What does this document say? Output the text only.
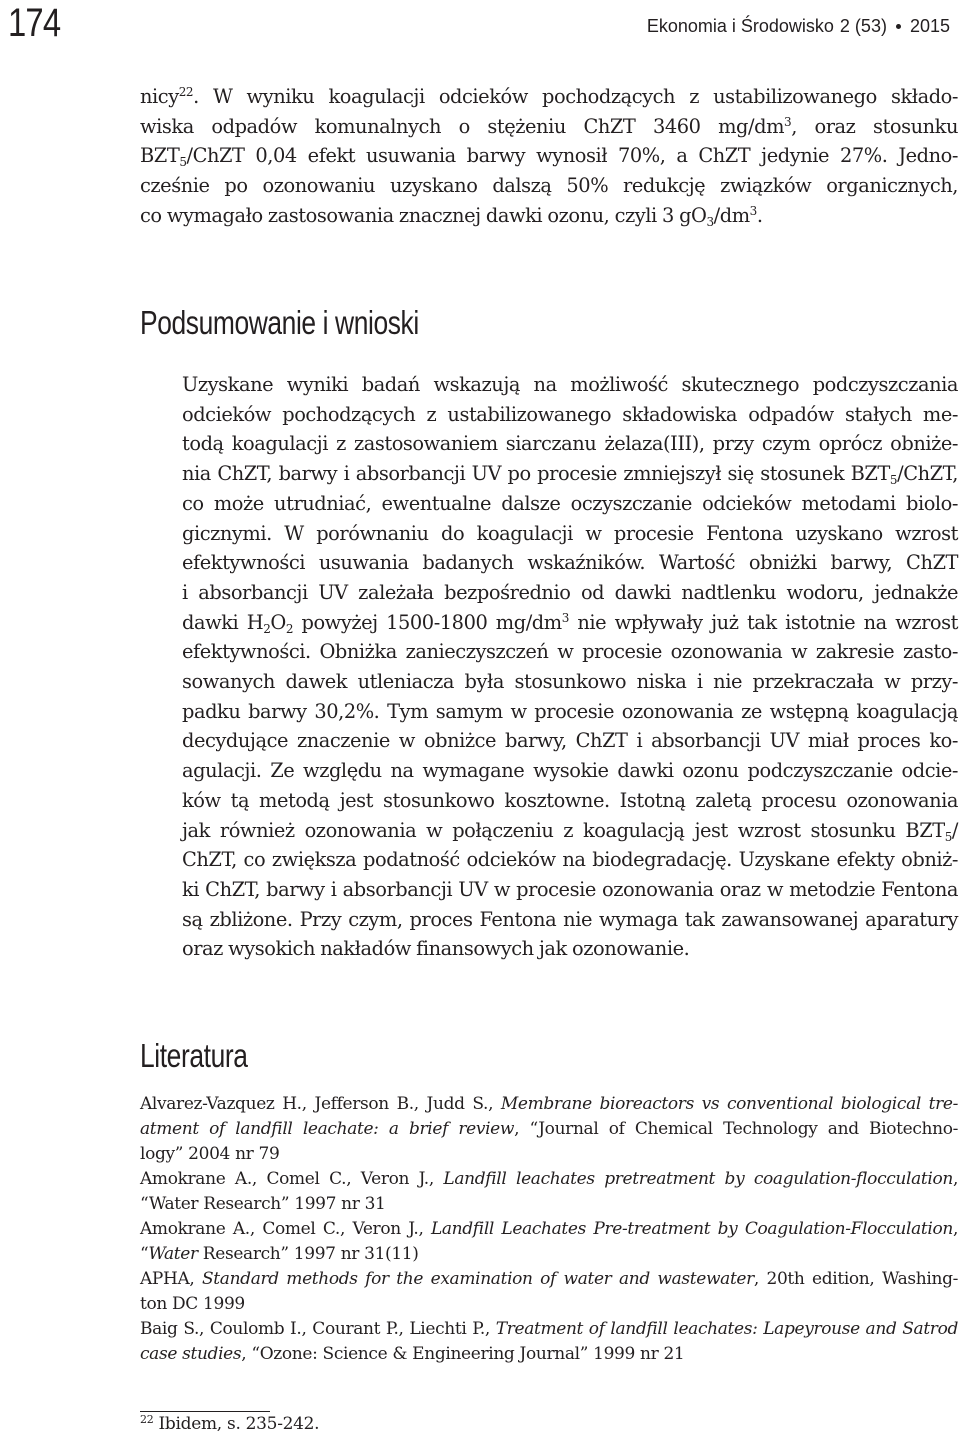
174	Ekonomia i Środowisko 2 (53) 2015
nicy$^{22}$. W wyniku koagulacji odcieków pochodzących z ustabilizowanego składo-
wiska odpadów komunalnych o stężeniu ChZT 3460 $mg/dm^3$, oraz stosunku
$BZT_5$/ChZT 0,04 efekt usuwania barwy wynosił 70%, a ChZT jedynie 27%. Jedno-
cześnie po ozonowaniu uzyskano dalszą 50% redukcję związków organicznych,
co wymagało zastosowania znacznej dawki ozonu, czyli 3 $gO_3/dm^3$.
Podsumowanie i wnioski
Uzyskane wyniki badań wskazują na możliwość skutecznego podczyszczania
odcieków pochodzących z ustabilizowanego składowiska odpadów stałych me-
todą koagulacji z zastosowaniem siarczanu żelaza(III), przy czym oprócz obniże-
nia ChZT, barwy i absorbancji UV po procesie zmniejszył się stosunek $BZT_5$/ChZT,
co może utrudniać, ewentualne dalsze oczyszczanie odcieków metodami biolo-
gicznymi. W porównaniu do koagulacji w procesie Fentona uzyskano wzrost
efektywności usuwania badanych wskaźników. Wartość obniżki barwy, ChZT
i absorbancji UV zależała bezpośrednio od dawki nadtlenku wodoru, jednakże
dawki $H_2O_2$ powyżej 1500-1800 $mg/dm^3$ nie wpływały już tak istotnie na wzrost
efektywności. Obniżka zanieczyszczeń w procesie ozonowania w zakresie zasto-
sowanych dawek utleniacza była stosunkowo niska i nie przekraczała w przy-
padku barwy 30,2%. Tym samym w procesie ozonowania ze wstępną koagulacją
decydujące znaczenie w obniżce barwy, ChZT i absorbancji UV miał proces ko-
agulacji. Ze względu na wymagane wysokie dawki ozonu podczyszczanie odcie-
ków tą metodą jest stosunkowo kosztowne. Istotną zaletą procesu ozonowania
jak również ozonowania w połączeniu z koagulacją jest wzrost stosunku $BZT_5/$
ChZT, co zwiększa podatność odcieków na biodegradację. Uzyskane efekty obniż-
ki ChZT, barwy i absorbancji UV w procesie ozonowania oraz w metodzie Fentona
są zbliżone. Przy czym, proces Fentona nie wymaga tak zawansowanej aparatury
oraz wysokich nakładów finansowych jak ozonowanie.
Literatura
Alvarez-Vazquez H., Jefferson B., Judd S., Membrane bioreactors vs conventional biological tre-
atment of landfill leachate: a brief review, “Journal of Chemical Technology and Biotechno-
logy” 2004 nr 79
Amokrane A., Comel C., Veron J., Landfill leachates pretreatment by coagulation-flocculation,
“Water Research” 1997 nr 31
Amokrane A., Comel C., Veron J., Landfill Leachates Pre-treatment by Coagulation-Flocculation,
“Water Research” 1997 nr 31(11)
APHA, Standard methods for the examination of water and wastewater, 20th edition, Washing-
ton DC 1999
Baig S., Coulomb I., Courant P., Liechti P., Treatment of landfill leachates: Lapeyrouse and Satrod
case studies, “Ozone: Science & Engineering Journal” 1999 nr 21
$^{22}$ Ibidem, s. 235-242.
